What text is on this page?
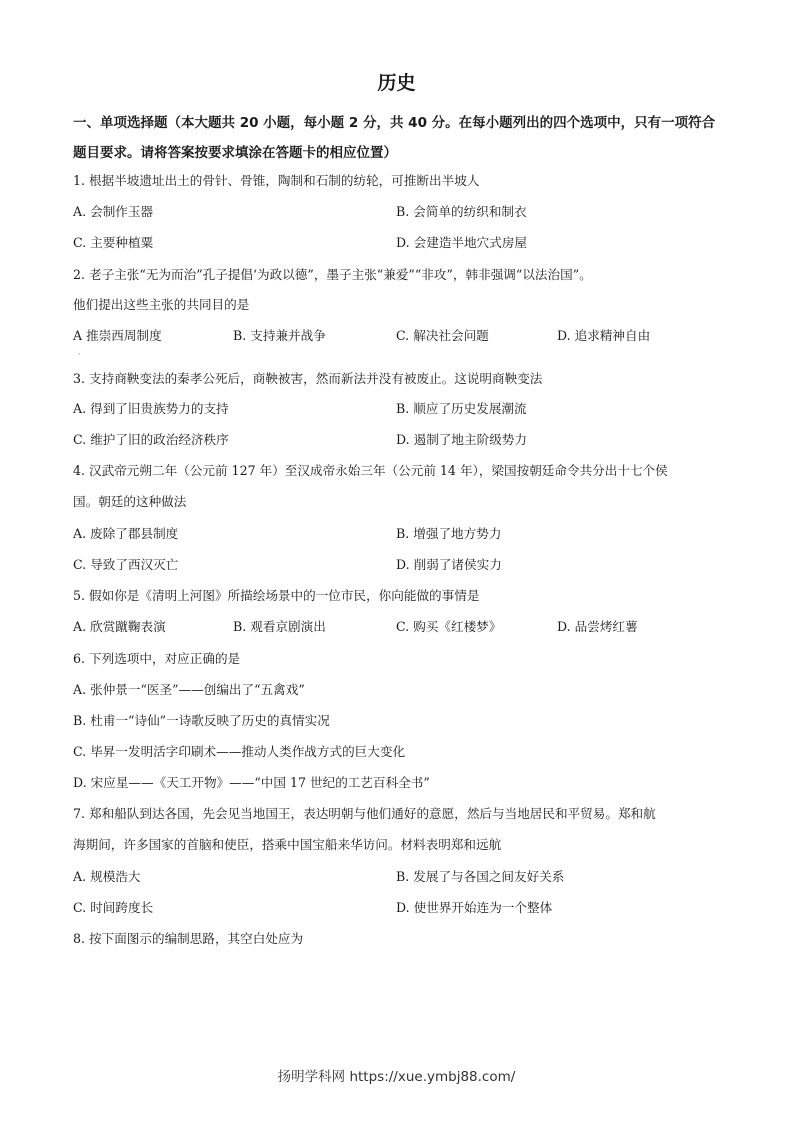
历史
一、单项选择题（本大题共 20 小题，每小题 2 分，共 40 分。在每小题列出的四个选项中，只有一项符合题目要求。请将答案按要求填涂在答题卡的相应位置）
1. 根据半坡遗址出土的骨针、骨锥，陶制和石制的纺轮，可推断出半坡人
A. 会制作玉器	B. 会简单的纺织和制衣
C. 主要种植粟	D. 会建造半地穴式房屋
2. 老子主张“无为而治”孔子提倡‘为政以德”，墨子主张“兼爱”“非攻”，韩非强调“以法治国”。
他们提出这些主张的共同目的是
A 推崇西周制度	B. 支持兼并战争	C. 解决社会问题	D. 追求精神自由
·
3. 支持商鞅变法的秦孝公死后，商鞅被害，然而新法并没有被废止。这说明商鞅变法
A. 得到了旧贵族势力的支持	B. 顺应了历史发展潮流
C. 维护了旧的政治经济秩序	D. 遏制了地主阶级势力
4. 汉武帝元朔二年（公元前 127 年）至汉成帝永始三年（公元前 14 年），梁国按朝廷命令共分出十七个侯
国。朝廷的这种做法
A. 废除了郡县制度	B. 增强了地方势力
C. 导致了西汉灭亡	D. 削弱了诸侯实力
5. 假如你是《清明上河图》所描绘场景中的一位市民，你向能做的事情是
A. 欣赏蹴鞠表演	B. 观看京剧演出	C. 购买《红楼梦》	D. 品尝烤红薯
6. 下列选项中，对应正确的是
A. 张仲景一“医圣”——创编出了“五禽戏”
B. 杜甫一“诗仙”一诗歌反映了历史的真情实况
C. 毕昇一发明活字印刷术——推动人类作战方式的巨大变化
D. 宋应星——《天工开物》——“中国 17 世纪的工艺百科全书”
7. 郑和船队到达各国，先会见当地国王，表达明朝与他们通好的意愿，然后与当地居民和平贸易。郑和航
海期间，许多国家的首脑和使臣，搭乘中国宝船来华访问。材料表明郑和远航
A. 规模浩大	B. 发展了与各国之间友好关系
C. 时间跨度长	D. 使世界开始连为一个整体
8. 按下面图示的编制思路，其空白处应为
扬明学科网 https://xue.ymbj88.com/
